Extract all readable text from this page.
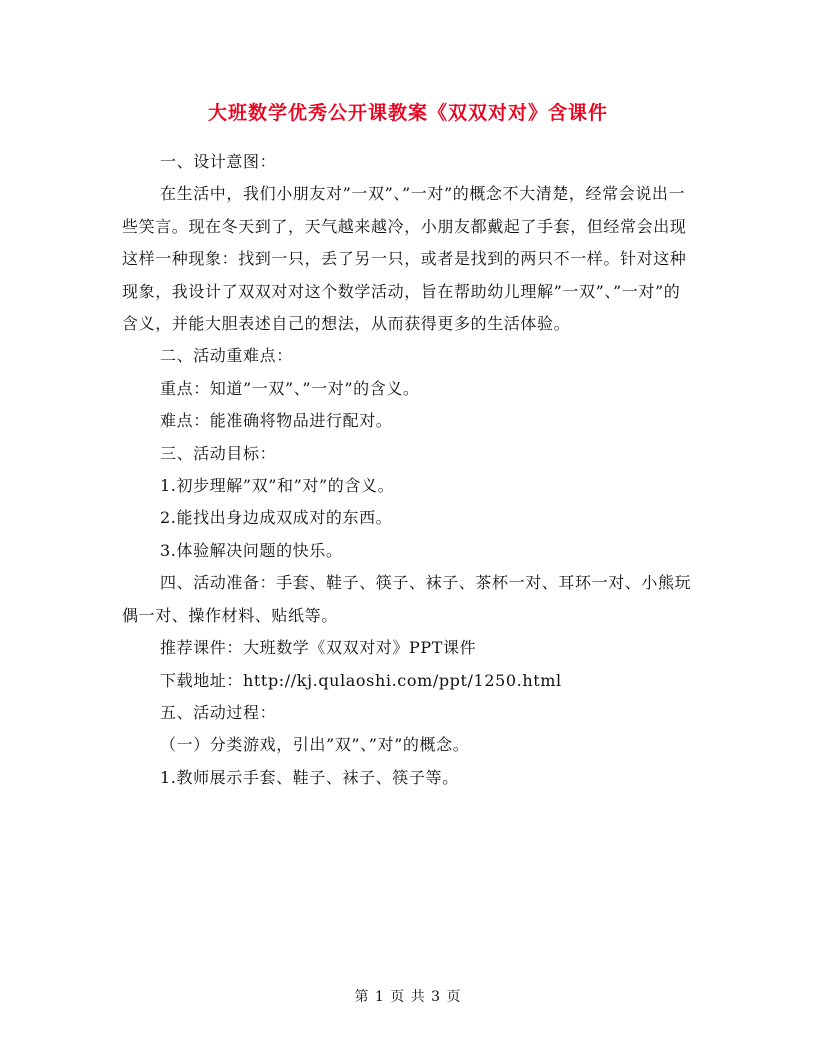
大班数学优秀公开课教案《双双对对》含课件

一、设计意图：

在生活中，我们小朋友对”一双”、”一对”的概念不大清楚，经常会说出一些笑言。现在冬天到了，天气越来越冷，小朋友都戴起了手套，但经常会出现这样一种现象：找到一只，丢了另一只，或者是找到的两只不一样。针对这种现象，我设计了双双对对这个数学活动，旨在帮助幼儿理解”一双”、”一对”的含义，并能大胆表述自己的想法，从而获得更多的生活体验。

二、活动重难点：

重点：知道”一双”、”一对”的含义。

难点：能准确将物品进行配对。

三、活动目标：

1.初步理解”双”和”对”的含义。

2.能找出身边成双成对的东西。

3.体验解决问题的快乐。

四、活动准备：手套、鞋子、筷子、袜子、茶杯一对、耳环一对、小熊玩偶一对、操作材料、贴纸等。

推荐课件：大班数学《双双对对》PPT课件

下载地址：http://kj.qulaoshi.com/ppt/1250.html

五、活动过程：

（一）分类游戏，引出”双”、”对”的概念。

1.教师展示手套、鞋子、袜子、筷子等。

第 1 页 共 3 页
